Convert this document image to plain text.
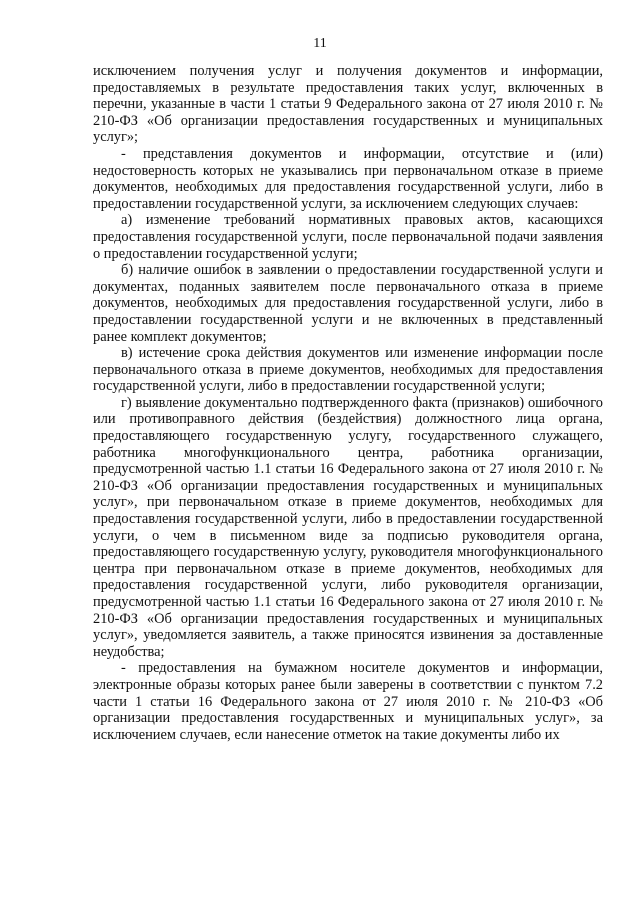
11

исключением получения услуг и получения документов и информации, предоставляемых в результате предоставления таких услуг, включенных в перечни, указанные в части 1 статьи 9 Федерального закона от 27 июля 2010 г. № 210-ФЗ «Об организации предоставления государственных и муниципальных услуг»;

- представления документов и информации, отсутствие и (или) недостоверность которых не указывались при первоначальном отказе в приеме документов, необходимых для предоставления государственной услуги, либо в предоставлении государственной услуги, за исключением следующих случаев:

а) изменение требований нормативных правовых актов, касающихся предоставления государственной услуги, после первоначальной подачи заявления о предоставлении государственной услуги;

б) наличие ошибок в заявлении о предоставлении государственной услуги и документах, поданных заявителем после первоначального отказа в приеме документов, необходимых для предоставления государственной услуги, либо в предоставлении государственной услуги и не включенных в представленный ранее комплект документов;

в) истечение срока действия документов или изменение информации после первоначального отказа в приеме документов, необходимых для предоставления государственной услуги, либо в предоставлении государственной услуги;

г) выявление документально подтвержденного факта (признаков) ошибочного или противоправного действия (бездействия) должностного лица органа, предоставляющего государственную услугу, государственного служащего, работника многофункционального центра, работника организации, предусмотренной частью 1.1 статьи 16 Федерального закона от 27 июля 2010 г. № 210-ФЗ «Об организации предоставления государственных и муниципальных услуг», при первоначальном отказе в приеме документов, необходимых для предоставления государственной услуги, либо в предоставлении государственной услуги, о чем в письменном виде за подписью руководителя органа, предоставляющего государственную услугу, руководителя многофункционального центра при первоначальном отказе в приеме документов, необходимых для предоставления государственной услуги, либо руководителя организации, предусмотренной частью 1.1 статьи 16 Федерального закона от 27 июля 2010 г. № 210-ФЗ «Об организации предоставления государственных и муниципальных услуг», уведомляется заявитель, а также приносятся извинения за доставленные неудобства;

- предоставления на бумажном носителе документов и информации, электронные образы которых ранее были заверены в соответствии с пунктом 7.2 части 1 статьи 16 Федерального закона от 27 июля 2010 г. № 210-ФЗ «Об организации предоставления государственных и муниципальных услуг», за исключением случаев, если нанесение отметок на такие документы либо их
